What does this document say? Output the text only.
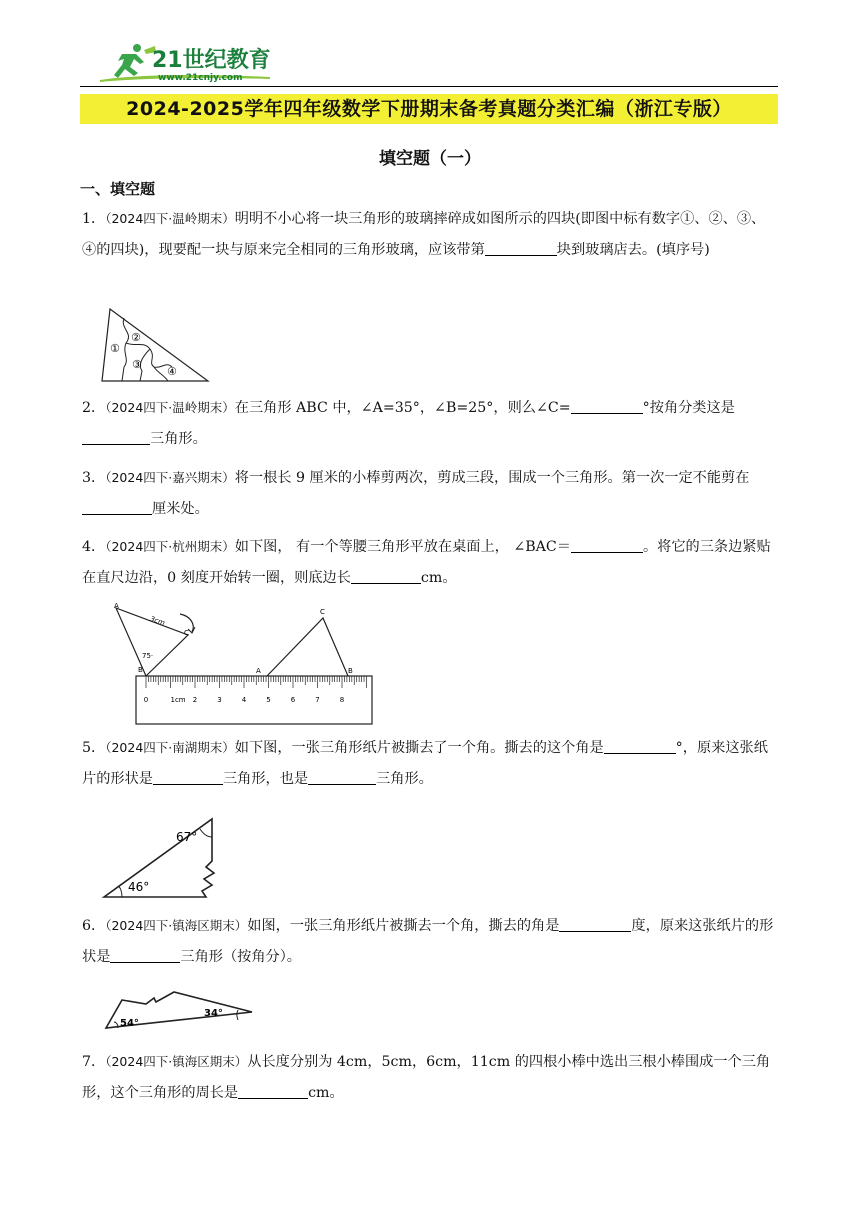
21世纪教育
www.21cnjy.com
2024-2025学年四年级数学下册期末备考真题分类汇编（浙江专版）
填空题（一）
一、填空题
1．（2024四下·温岭期末）明明不小心将一块三角形的玻璃摔碎成如图所示的四块(即图中标有数字①、②、③、④的四块)，现要配一块与原来完全相同的三角形玻璃，应该带第	块到玻璃店去。(填序号)
①
②
③
④
2．（2024四下·温岭期末）在三角形 ABC 中，∠A=35°，∠B=25°，则么∠C=	°按角分类这是三角形。
3．（2024四下·嘉兴期末）将一根长 9 厘米的小棒剪两次，剪成三段，围成一个三角形。第一次一定不能剪在厘米处。
4．（2024四下·杭州期末）如下图， 有一个等腰三角形平放在桌面上， ∠BAC＝	。将它的三条边紧贴在直尺边沿，0 刻度开始转一圈，则底边长	cm。
A
B
C
3cm
75·
A
C
B
0	1cm 2	3	4	5	6	7	8
5．（2024四下·南湖期末）如下图，一张三角形纸片被撕去了一个角。撕去的这个角是	°，原来这张纸片的形状是	三角形，也是	三角形。
67°
46°
6．（2024四下·镇海区期末）如图，一张三角形纸片被撕去一个角，撕去的角是	度，原来这张纸片的形状是	三角形（按角分）。
54°
34°
7．（2024四下·镇海区期末）从长度分别为 4cm，5cm，6cm，11cm 的四根小棒中选出三根小棒围成一个三角形，这个三角形的周长是	cm。
